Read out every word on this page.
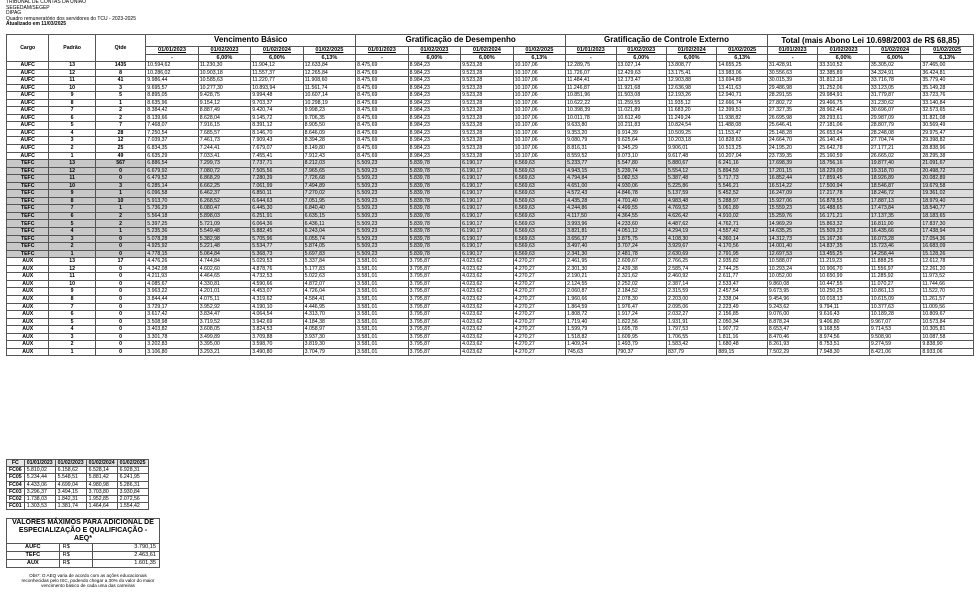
TRIBUNAL DE CONTAS DA UNIÃO
SEGEDAM/SEGEP
DIPAG
Quadro remuneratório dos servidores do TCU - 2023-2025
Atualizado em 11/03/2025
Cargo	Padrão	Qtde	Vencimento Básico				Gratificação de Desempenho				Gratificação de Controle Externo				Total (mais Abono Lei 10.698/2003 de R$ 68,85)			
			01/01/2023	01/02/2023	01/02/2024	01/02/2025	01/01/2023	01/02/2023	01/02/2024	01/02/2025	01/01/2023	01/02/2023	01/02/2024	01/02/2025	01/01/2023	01/02/2023	01/02/2024	01/02/2025
			-	6,00%	6,00%	6,13%	-	6,00%	6,00%	6,13%	-	6,00%	6,00%	6,13%	-	6,00%	6,00%	6,13%
AUFC	13	1435	10.594,62	11.230,30	11.904,12	12.633,84	8.475,69	8.984,23	9.523,28	10.107,06	12.289,75	13.027,14	13.808,77	14.655,25	31.428,91	33.310,52	35.305,02	37.465,00
AUFC	12	8	10.286,02	10.903,18	11.557,37	12.265,84	8.475,69	8.984,23	9.523,28	10.107,06	11.726,07	12.429,63	13.175,41	13.983,06	30.556,63	32.385,89	34.324,91	36.424,81
AUFC	11	41	9.986,44	10.585,63	11.220,77	11.908,60	8.475,69	8.984,23	9.523,28	10.107,06	11.484,41	12.173,47	12.903,88	13.694,89	30.015,39	31.812,18	33.716,78	35.779,40
AUFC	10	3	9.695,57	10.277,30	10.893,94	11.561,74	8.475,69	8.984,23	9.523,28	10.107,06	11.246,87	11.921,68	12.636,98	13.411,63	29.486,98	31.252,06	33.123,05	35.149,28
AUFC	9	5	8.895,05	9.428,75	9.994,48	10.607,14	8.475,69	8.984,23	9.523,28	10.107,06	10.851,96	11.503,08	12.193,26	12.940,71	28.291,55	29.984,91	31.779,87	33.723,76
AUFC	8	1	8.635,96	9.154,12	9.703,37	10.298,19	8.475,69	8.984,23	9.523,28	10.107,06	10.622,22	11.259,55	11.935,12	12.666,74	27.802,72	29.466,75	31.230,62	33.140,84
AUFC	7	2	8.384,42	8.887,49	9.420,74	9.998,23	8.475,69	8.984,23	9.523,28	10.107,06	10.398,39	11.021,89	11.683,20	12.399,51	27.327,35	28.962,46	30.696,07	32.573,65
AUFC	6	2	8.139,66	8.628,04	9.145,72	9.706,35	8.475,69	8.984,23	9.523,28	10.107,06	10.011,78	10.612,49	11.249,24	11.938,82	26.695,98	28.293,61	29.987,09	31.821,08
AUFC	5	7	7.468,07	7.916,15	8.391,12	8.905,50	8.475,69	8.984,23	9.523,28	10.107,06	9.633,80	10.211,83	10.824,54	11.488,08	25.646,41	27.181,06	28.807,79	30.569,49
AUFC	4	28	7.250,54	7.685,57	8.146,70	8.646,09	8.475,69	8.984,23	9.523,28	10.107,06	9.353,20	9.914,39	10.509,25	11.153,47	25.148,28	26.653,04	28.248,08	29.975,47
AUFC	3	12	7.039,37	7.461,73	7.909,43	8.394,28	8.475,69	8.984,23	9.523,28	10.107,06	9.080,79	9.625,64	10.203,18	10.828,63	24.664,70	26.140,45	27.704,74	29.398,82
AUFC	2	25	6.834,35	7.244,41	7.679,07	8.149,80	8.475,69	8.984,23	9.523,28	10.107,06	8.816,31	9.345,29	9.906,01	10.513,25	24.195,20	25.642,78	27.177,21	28.838,96
AUFC	1	49	6.635,29	7.033,41	7.455,41	7.912,43	8.475,69	8.984,23	9.523,28	10.107,06	8.559,52	9.073,10	9.617,48	10.207,04	23.739,35	25.160,59	26.665,02	28.295,38
TEFC	13	567	6.886,54	7.299,73	7.737,71	8.212,03	5.509,23	5.839,78	6.190,17	6.569,63	5.233,77	5.547,80	5.880,67	6.241,16	17.698,39	18.756,16	19.877,40	21.091,67
TEFC	12	0	6.679,92	7.080,72	7.505,56	7.965,65	5.509,23	5.839,78	6.190,17	6.569,63	4.943,15	5.239,74	5.554,12	5.894,59	17.201,15	18.229,09	19.318,70	20.498,72
TEFC	11	0	6.479,52	6.868,29	7.280,39	7.726,68	5.509,23	5.839,78	6.190,17	6.569,63	4.794,84	5.082,53	5.387,48	5.717,73	16.852,44	17.859,45	18.926,89	20.082,89
TEFC	10	3	6.285,14	6.662,25	7.061,99	7.494,89	5.509,23	5.839,78	6.190,17	6.569,63	4.651,00	4.930,06	5.225,86	5.546,21	16.514,22	17.500,94	18.546,87	19.679,58
TEFC	9	1	6.096,58	6.462,37	6.850,11	7.270,02	5.509,23	5.839,78	6.190,17	6.569,63	4.572,43	4.846,78	5.137,59	5.452,52	16.247,09	17.217,78	18.246,72	19.361,02
TEFC	8	10	5.913,70	6.268,52	6.644,63	7.051,95	5.509,23	5.839,78	6.190,17	6.569,63	4.435,28	4.701,40	4.983,48	5.288,97	15.927,06	16.878,55	17.887,13	18.979,40
TEFC	7	1	5.736,29	6.080,47	6.445,30	6.840,40	5.509,23	5.839,78	6.190,17	6.569,63	4.244,86	4.499,55	4.769,52	5.061,89	15.559,23	16.488,65	17.473,84	18.540,77
TEFC	6	2	5.564,18	5.898,03	6.251,91	6.635,15	5.509,23	5.839,78	6.190,17	6.569,63	4.117,50	4.364,55	4.626,42	4.910,02	15.259,76	16.171,21	17.137,35	18.183,65
TEFC	5	2	5.397,25	5.721,09	6.064,36	6.436,11	5.509,23	5.839,78	6.190,17	6.569,63	3.993,96	4.233,60	4.487,62	4.762,71	14.969,29	15.863,32	16.811,00	17.837,30
TEFC	4	1	5.235,36	5.549,48	5.882,45	6.243,04	5.509,23	5.839,78	6.190,17	6.569,63	3.821,81	4.051,12	4.294,19	4.557,42	14.635,25	15.509,23	16.435,66	17.438,94
TEFC	3	0	5.078,28	5.382,98	5.705,96	6.055,74	5.509,23	5.839,78	6.190,17	6.569,63	3.656,37	3.875,75	4.108,30	4.360,14	14.312,73	15.167,36	16.073,28	17.054,36
TEFC	2	0	4.925,92	5.221,48	5.534,77	5.874,05	5.509,23	5.839,78	6.190,17	6.569,63	3.497,40	3.707,24	3.929,67	4.170,56	14.001,40	14.837,35	15.723,46	16.683,09
TEFC	1	0	4.778,15	5.064,84	5.368,73	5.697,83	5.509,23	5.839,78	6.190,17	6.569,63	2.341,30	2.481,78	2.630,69	2.791,95	12.697,53	13.455,25	14.258,44	15.128,26
AUX	13	17	4.476,26	4.744,84	5.029,53	5.337,84	3.581,01	3.795,87	4.023,62	4.270,27	2.461,95	2.609,67	2.766,25	2.935,82	10.588,07	11.219,23	11.888,25	12.612,78
AUX	12	0	4.342,08	4.602,60	4.878,76	5.177,83	3.581,01	3.795,87	4.023,62	4.270,27	2.301,30	2.439,38	2.585,74	2.744,25	10.293,24	10.906,70	11.556,97	12.261,20
AUX	11	0	4.211,93	4.464,65	4.732,53	5.022,63	3.581,01	3.795,87	4.023,62	4.270,27	2.190,21	2.321,62	2.460,92	2.611,77	10.052,00	10.650,99	11.285,92	11.973,52
AUX	10	0	4.085,67	4.330,81	4.590,66	4.872,07	3.581,01	3.795,87	4.023,62	4.270,27	2.124,55	2.252,02	2.387,14	2.533,47	9.860,08	10.447,55	11.070,27	11.744,66
AUX	9	0	3.963,22	4.201,01	4.453,07	4.726,04	3.581,01	3.795,87	4.023,62	4.270,27	2.060,87	2.184,52	2.315,59	2.457,54	9.673,95	10.250,25	10.861,13	11.522,70
AUX	8	0	3.844,44	4.075,11	4.319,62	4.584,41	3.581,01	3.795,87	4.023,62	4.270,27	1.960,66	2.078,30	2.203,00	2.338,04	9.454,96	10.018,13	10.615,09	11.261,57
AUX	7	0	3.729,17	3.952,92	4.190,10	4.446,95	3.581,01	3.795,87	4.023,62	4.270,27	1.864,59	1.976,47	2.095,06	2.223,49	9.243,62	9.794,11	10.377,63	11.009,56
AUX	6	0	3.617,42	3.834,47	4.064,54	4.313,70	3.581,01	3.795,87	4.023,62	4.270,27	1.808,72	1.917,24	2.032,27	2.156,85	9.076,00	9.616,43	10.189,28	10.809,67
AUX	5	0	3.508,98	3.719,52	3.942,69	4.184,38	3.581,01	3.795,87	4.023,62	4.270,27	1.719,40	1.822,56	1.931,91	2.050,34	8.878,24	9.406,80	9.967,07	10.573,84
AUX	4	0	3.403,82	3.608,05	3.824,53	4.058,97	3.581,01	3.795,87	4.023,62	4.270,27	1.599,79	1.695,78	1.797,53	1.907,72	8.653,47	9.168,55	9.714,53	10.305,81
AUX	3	0	3.301,78	3.499,89	3.709,88	3.937,30	3.581,01	3.795,87	4.023,62	4.270,27	1.518,82	1.609,95	1.706,55	1.811,16	8.470,46	8.974,56	9.508,90	10.087,58
AUX	2	0	3.202,83	3.395,00	3.598,70	3.819,30	3.581,01	3.795,87	4.023,62	4.270,27	1.409,24	1.493,79	1.583,42	1.680,48	8.261,93	8.753,51	9.274,59	9.838,90
AUX	1	0	3.106,80	3.293,21	3.490,80	3.704,79	3.581,01	3.795,87	4.023,62	4.270,27	745,63	790,37	837,79	889,15	7.502,29	7.948,30	8.421,06	8.933,06
FC	01/01/2023	01/02/2023	01/02/2024	01/02/2025
FC06	5.810,02	6.158,62	6.528,14	6.928,31
FC05	5.234,44	5.548,51	5.881,42	6.241,95
FC04	4.433,06	4.699,04	4.980,98	5.286,31
FC03	3.296,37	3.494,15	3.703,80	3.930,84
FC02	1.738,03	1.842,31	1.952,85	2.072,56
FC01	1.303,53	1.381,74	1.464,64	1.554,42
VALORES MÁXIMOS PARA ADICIONAL DE ESPECIALIZAÇÃO E QUALIFICAÇÃO - AEQ*		
AUFC	R$	3.790,15
TEFC	R$	2.463,61
AUX	R$	1.601,35
Obs*: O AEQ varia de acordo com as ações educacionais reconhecidas pelo ISC, podendo chegar a 30% do valor do maior vencimento básico de cada uma das carreiras
